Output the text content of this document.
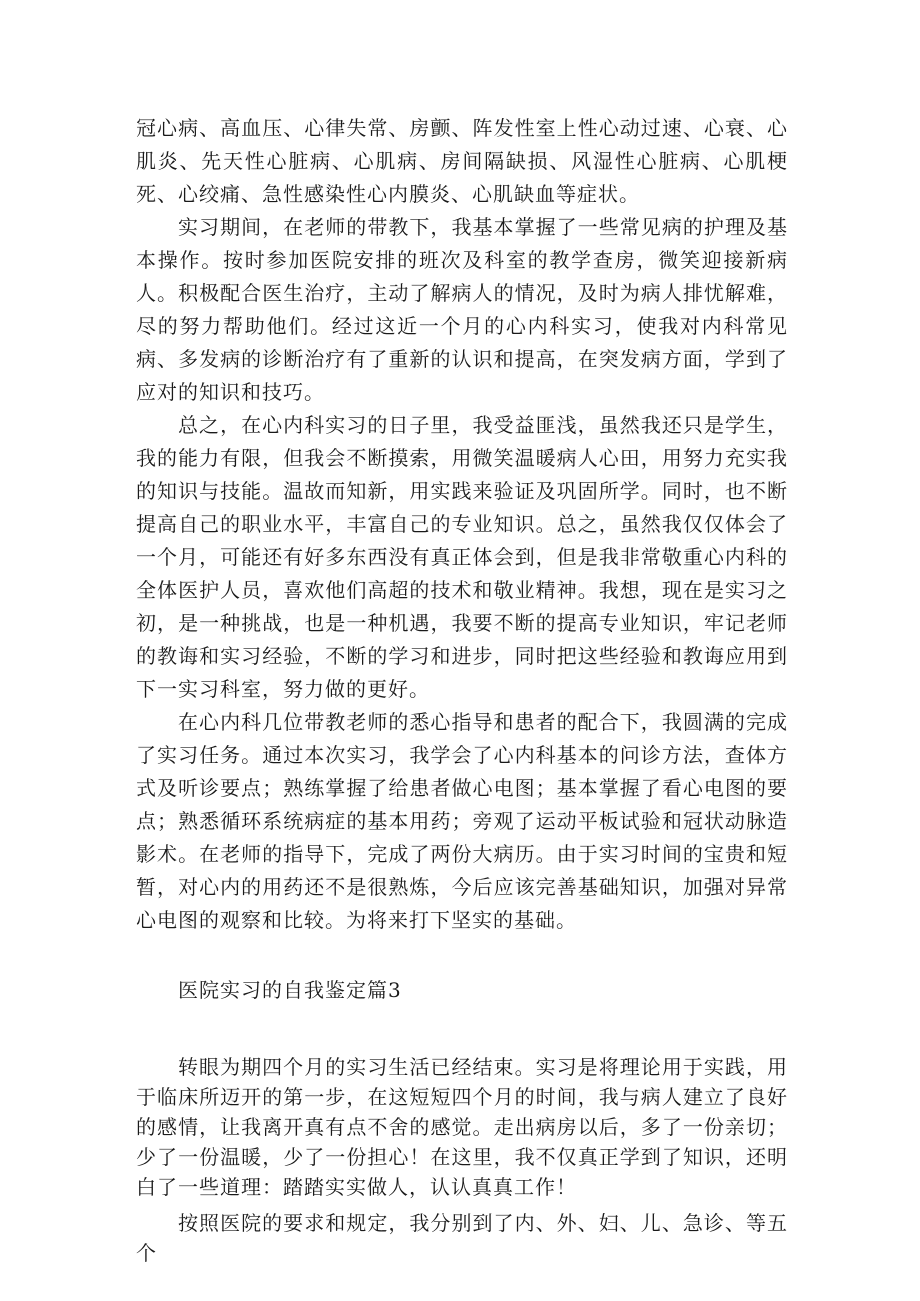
冠心病、高血压、心律失常、房颤、阵发性室上性心动过速、心衰、心肌炎、先天性心脏病、心肌病、房间隔缺损、风湿性心脏病、心肌梗死、心绞痛、急性感染性心内膜炎、心肌缺血等症状。

实习期间，在老师的带教下，我基本掌握了一些常见病的护理及基本操作。按时参加医院安排的班次及科室的教学查房，微笑迎接新病人。积极配合医生治疗，主动了解病人的情况，及时为病人排忧解难，尽的努力帮助他们。经过这近一个月的心内科实习，使我对内科常见病、多发病的诊断治疗有了重新的认识和提高，在突发病方面，学到了应对的知识和技巧。

总之，在心内科实习的日子里，我受益匪浅，虽然我还只是学生，我的能力有限，但我会不断摸索，用微笑温暖病人心田，用努力充实我的知识与技能。温故而知新，用实践来验证及巩固所学。同时，也不断提高自己的职业水平，丰富自己的专业知识。总之，虽然我仅仅体会了一个月，可能还有好多东西没有真正体会到，但是我非常敬重心内科的全体医护人员，喜欢他们高超的技术和敬业精神。我想，现在是实习之初，是一种挑战，也是一种机遇，我要不断的提高专业知识，牢记老师的教诲和实习经验，不断的学习和进步，同时把这些经验和教诲应用到下一实习科室，努力做的更好。

在心内科几位带教老师的悉心指导和患者的配合下，我圆满的完成了实习任务。通过本次实习，我学会了心内科基本的问诊方法，查体方式及听诊要点；熟练掌握了给患者做心电图；基本掌握了看心电图的要点；熟悉循环系统病症的基本用药；旁观了运动平板试验和冠状动脉造影术。在老师的指导下，完成了两份大病历。由于实习时间的宝贵和短暂，对心内的用药还不是很熟炼，今后应该完善基础知识，加强对异常心电图的观察和比较。为将来打下坚实的基础。

医院实习的自我鉴定篇3

转眼为期四个月的实习生活已经结束。实习是将理论用于实践，用于临床所迈开的第一步，在这短短四个月的时间，我与病人建立了良好的感情，让我离开真有点不舍的感觉。走出病房以后，多了一份亲切；少了一份温暖，少了一份担心！在这里，我不仅真正学到了知识，还明白了一些道理：踏踏实实做人，认认真真工作！

按照医院的要求和规定，我分别到了内、外、妇、儿、急诊、等五个
